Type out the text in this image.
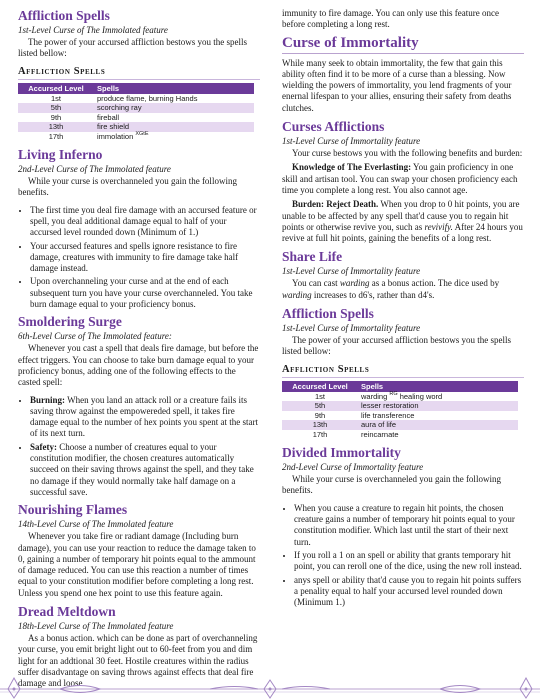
Affliction Spells
1st-Level Curse of The Immolated feature

The power of your accursed affliction bestows you the spells listed bellow:

Affliction Spells
Accursed Level	Spells
1st	produce flame, burning Hands
5th	scorching ray
9th	fireball
13th	fire shield
17th	immolation $^{XGtE}$
Living Inferno
2nd-Level Curse of The Immolated feature

While your curse is overchanneled you gain the following benefits.

• The first time you deal fire damage with an accursed feature or spell, you deal additional damage equal to half of your accursed level rounded down (Minimum of 1.)
• Your accursed features and spells ignore resistance to fire damage, creatures with immunity to fire damage take half damage instead.
• Upon overchanneling your curse and at the end of each subsequent turn you have your curse overchanneled. You take burn damage equal to your proficiency bonus.
Smoldering Surge
6th-Level Curse of The Immolated feature:

Whenever you cast a spell that deals fire damage, but before the effect triggers. You can choose to take burn damage equal to your proficiency bonus, adding one of the following effects to the casted spell:

• Burning: When you land an attack roll or a creature fails its saving throw against the empowereded spell, it takes fire damage equal to the number of hex points you spent at the start of its next turn.
• Safety: Choose a number of creatures equal to your constitution modifier, the chosen creatures automatically succeed on their saving throws against the spell, and they take no damage if they would normally take half damage on a successful save.
Nourishing Flames
14th-Level Curse of The Immolated feature

Whenever you take fire or radiant damage (Including burn damage), you can use your reaction to reduce the damage taken to 0, gaining a number of temporary hit points equal to the ammount of damage reduced. You can use this reaction a number of times equal to your constitution modifier before completing a long rest. Unless you spend one hex point to use this feature again.

Dread Meltdown
18th-Level Curse of The Immolated feature

As a bonus action. which can be done as part of overchanneling your curse, you emit bright light out to 60-feet from you and dim light for an addtional 30 feet. Hostile creatures within the radius suffer disadvantage on saving throws against effects that deal fire damage and loose

immunity to fire damage. You can only use this feature once before completing a long rest.

Curse of Immortality

While many seek to obtain immortality, the few that gain this ability often find it to be more of a curse than a blessing. Now wielding the powers of immortality, you lend fragments of your enernal lifespan to your allies, ensuring their safety from deaths clutches.

Curses Afflictions
1st-Level Curse of Immortality feature

Your curse bestows you with the following benefits and burden:

Knowledge of The Everlasting: You gain proficiency in one skill and artisan tool. You can swap your chosen proficiency each time you complete a long rest. You also cannot age.

Burden: Reject Death. When you drop to 0 hit points, you are unable to be affected by any spell that'd cause you to regain hit points or otherwise revive you, such as revivify. After 24 hours you revive at full hit points, gaining the benefits of a long rest.

Share Life
1st-Level Curse of Immortality feature

You can cast warding as a bonus action. The dice used by warding increases to d6's, rather than d4's.

Affliction Spells
1st-Level Curse of Immortality feature

The power of your accursed affliction bestows you the spells listed bellow:

Affliction Spells
Accursed Level	Spells
1st	warding $^{RG}$ healing word
5th	lesser restoration
9th	life transference
13th	aura of life
17th	reincarnate
Divided Immortality
2nd-Level Curse of Immortality feature

While your curse is overchanneled you gain the following benefits.

• When you cause a creature to regain hit points, the chosen creature gains a number of temporary hit points equal to your constitution modifier. Which last until the start of their next turn.
• If you roll a 1 on an spell or ability that grants temporary hit point, you can reroll one of the dice, using the new roll instead.
• anys spell or ability that'd cause you to regain hit points suffers a penality equal to half your accursed level rounded down (Minimum 1.)
